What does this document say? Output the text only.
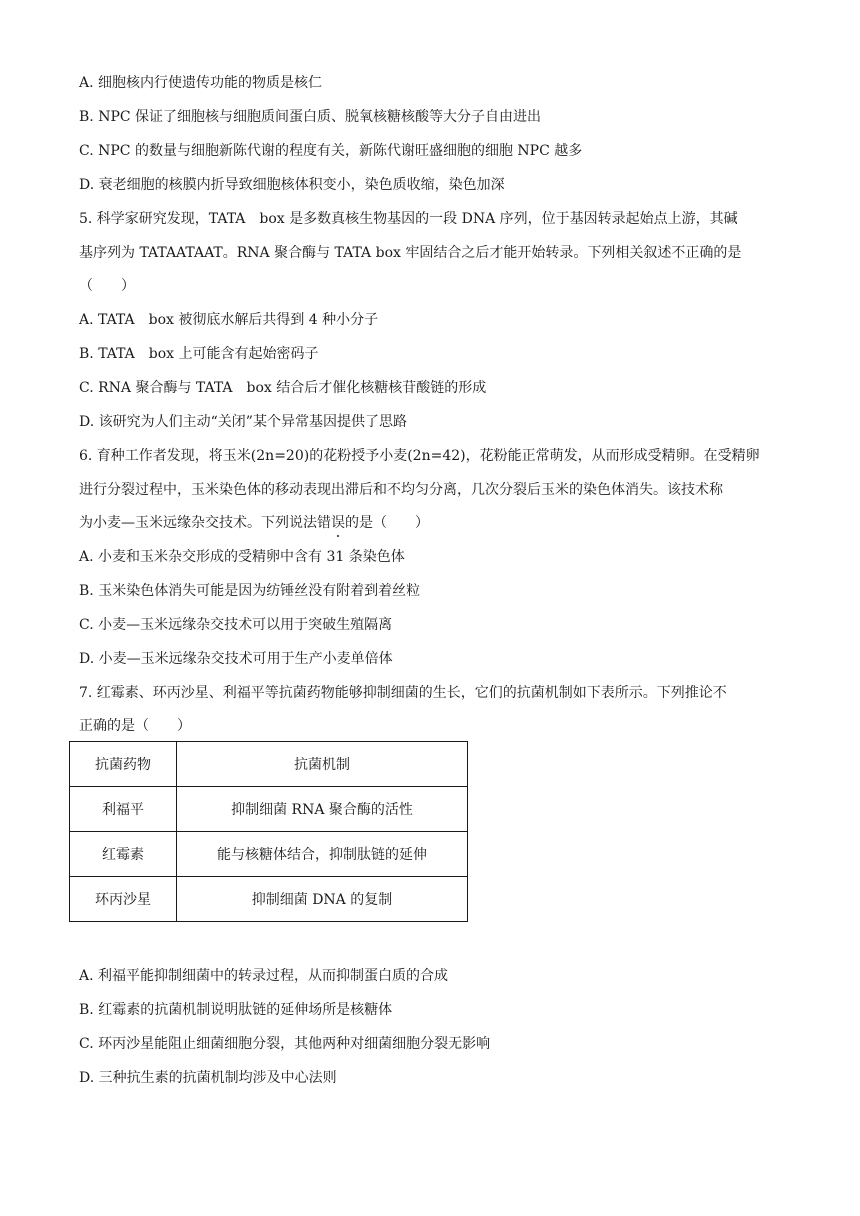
A. 细胞核内行使遗传功能的物质是核仁
B. NPC 保证了细胞核与细胞质间蛋白质、脱氧核糖核酸等大分子自由进出
C. NPC 的数量与细胞新陈代谢的程度有关，新陈代谢旺盛细胞的细胞 NPC 越多
D. 衰老细胞的核膜内折导致细胞核体积变小，染色质收缩，染色加深
5. 科学家研究发现，TATA　box 是多数真核生物基因的一段 DNA 序列，位于基因转录起始点上游，其碱
基序列为 TATAATAAT。RNA 聚合酶与 TATA box 牢固结合之后才能开始转录。下列相关叙述不正确的是
（　　）
A. TATA　box 被彻底水解后共得到 4 种小分子
B. TATA　box 上可能含有起始密码子
C. RNA 聚合酶与 TATA　box 结合后才催化核糖核苷酸链的形成
D. 该研究为人们主动“关闭”某个异常基因提供了思路
6. 育种工作者发现，将玉米(2n=20)的花粉授予小麦(2n=42)，花粉能正常萌发，从而形成受精卵。在受精卵
进行分裂过程中，玉米染色体的移动表现出滞后和不均匀分离，几次分裂后玉米的染色体消失。该技术称
为小麦—玉米远缘杂交技术。下列说法错误的是（　　）
A. 小麦和玉米杂交形成的受精卵中含有 31 条染色体
B. 玉米染色体消失可能是因为纺锤丝没有附着到着丝粒
C. 小麦—玉米远缘杂交技术可以用于突破生殖隔离
D. 小麦—玉米远缘杂交技术可用于生产小麦单倍体
7. 红霉素、环丙沙星、利福平等抗菌药物能够抑制细菌的生长，它们的抗菌机制如下表所示。下列推论不
正确的是（　　）
抗菌药物	抗菌机制
利福平	抑制细菌 RNA 聚合酶的活性
红霉素	能与核糖体结合，抑制肽链的延伸
环丙沙星	抑制细菌 DNA 的复制
A. 利福平能抑制细菌中的转录过程，从而抑制蛋白质的合成
B. 红霉素的抗菌机制说明肽链的延伸场所是核糖体
C. 环丙沙星能阻止细菌细胞分裂，其他两种对细菌细胞分裂无影响
D. 三种抗生素的抗菌机制均涉及中心法则
